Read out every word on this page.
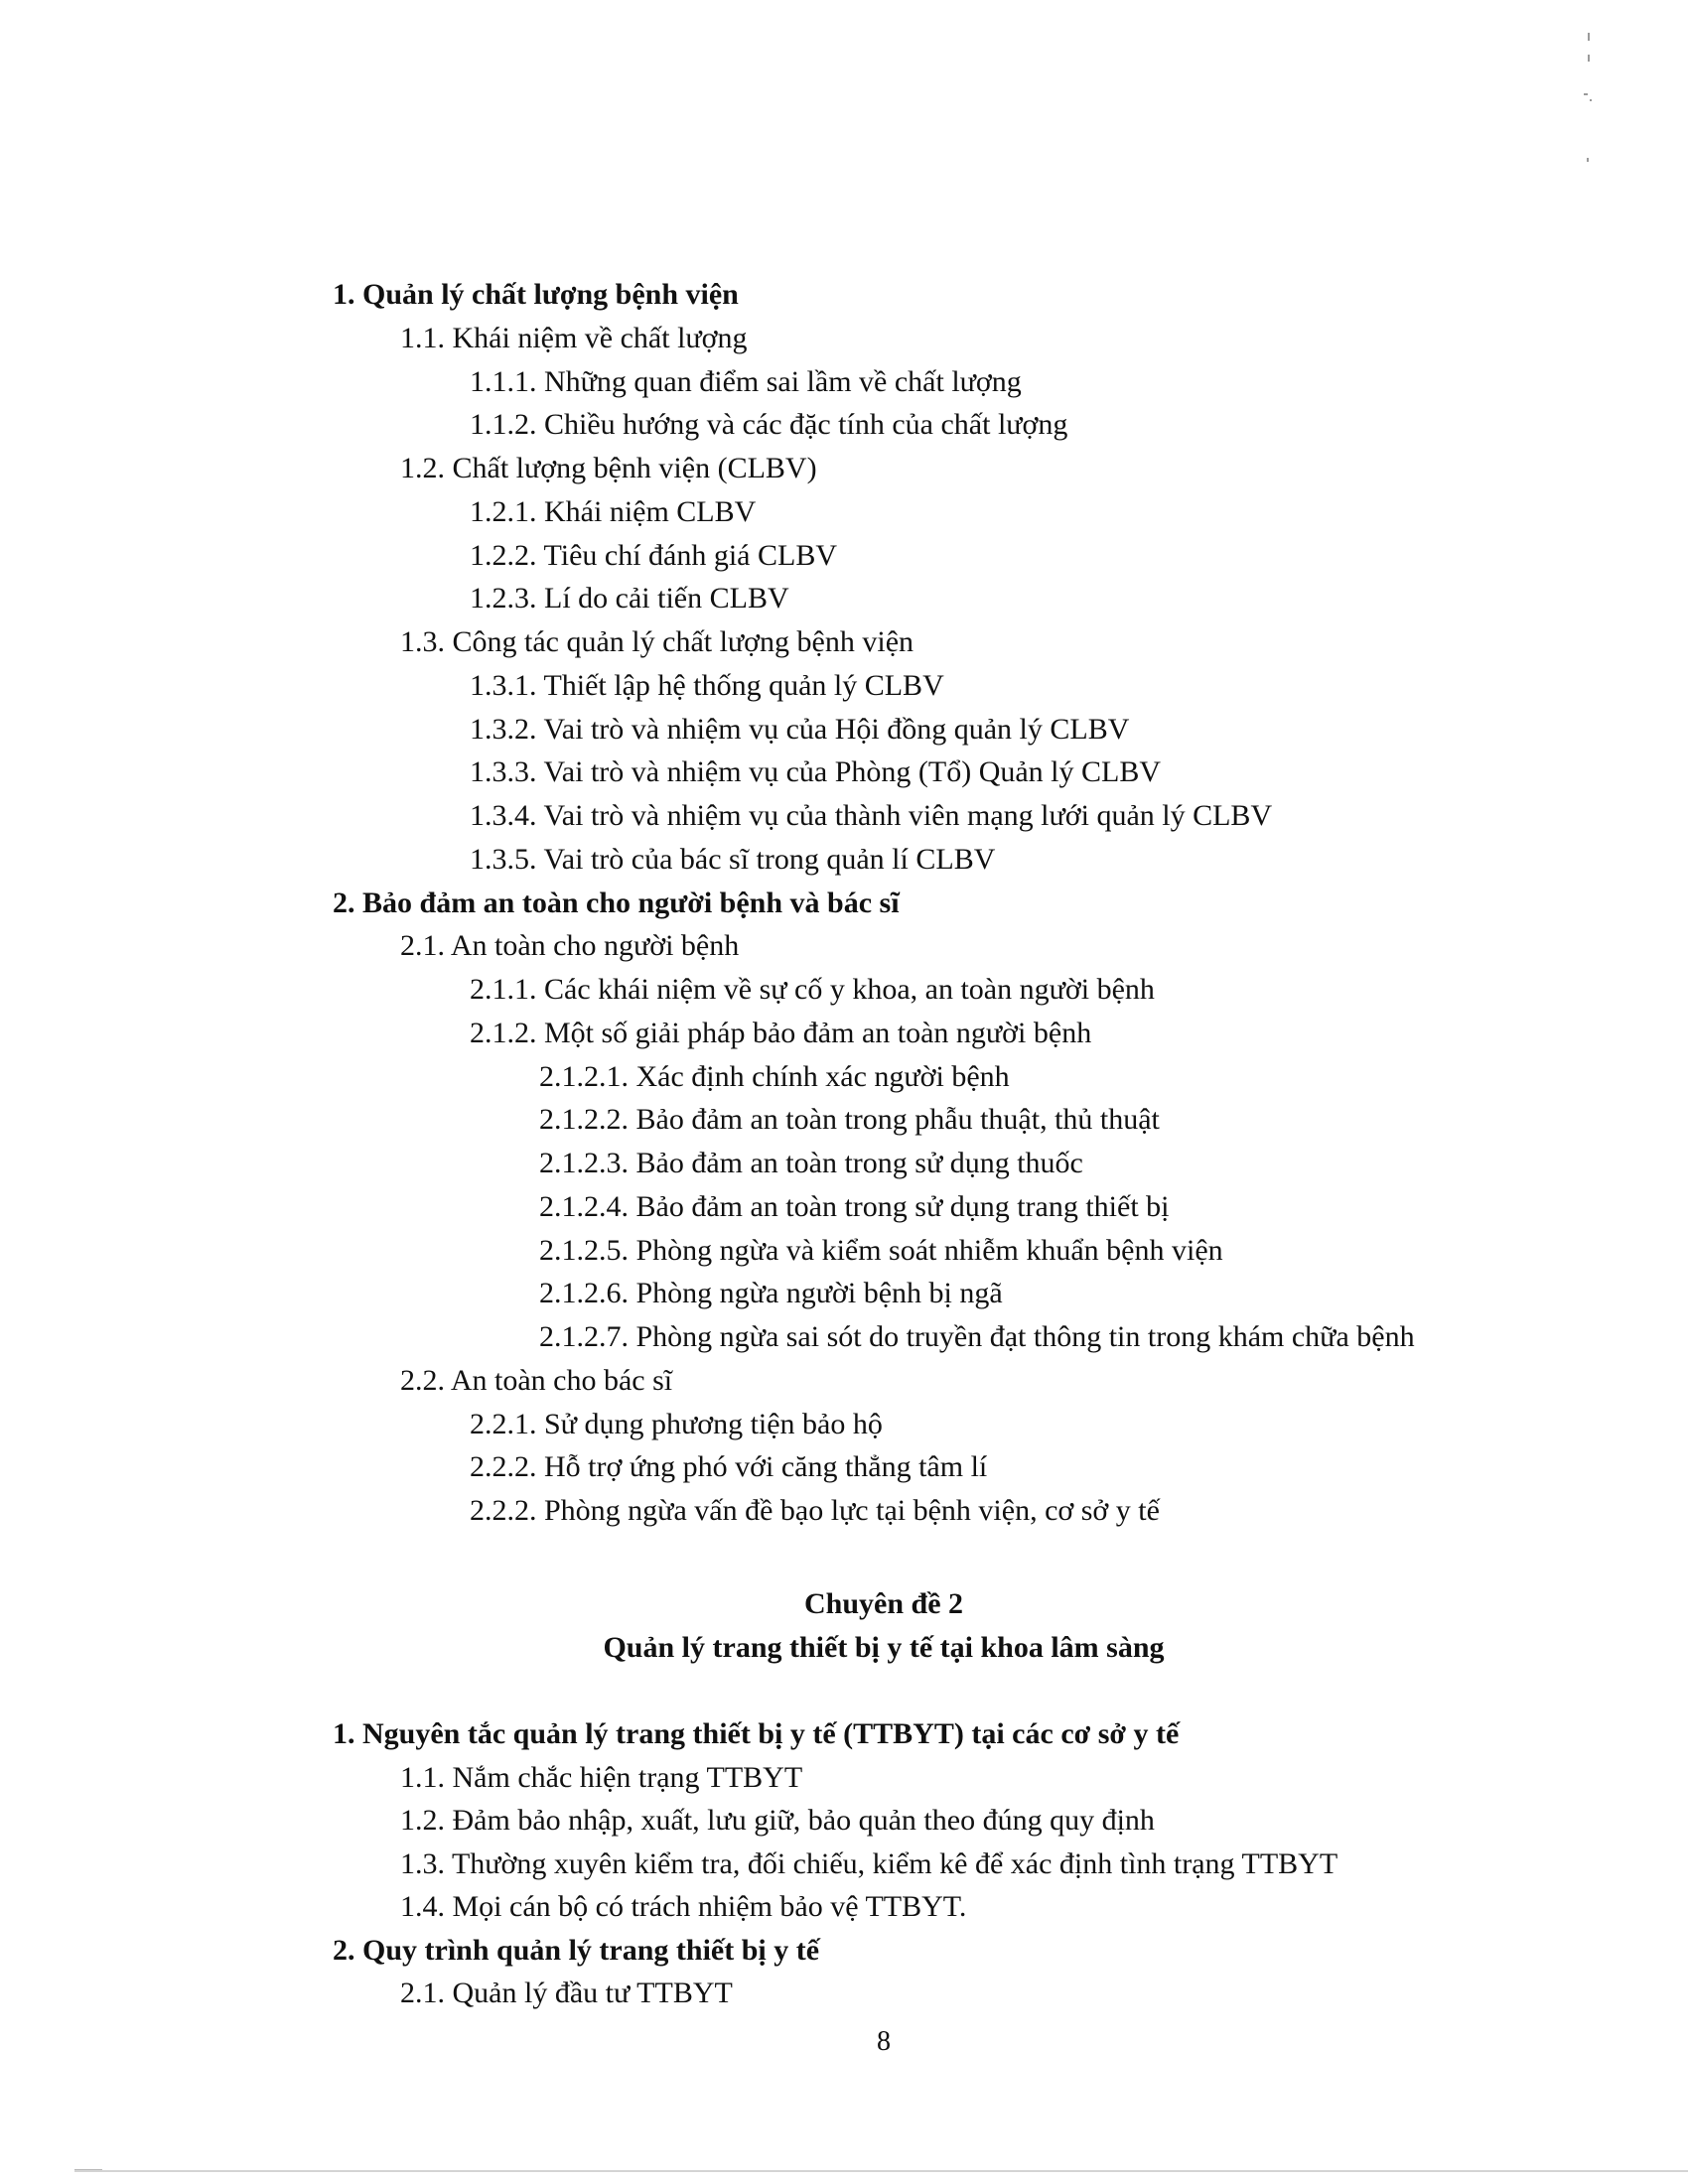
1. Quản lý chất lượng bệnh viện
1.1. Khái niệm về chất lượng
1.1.1. Những quan điểm sai lầm về chất lượng
1.1.2. Chiều hướng và các đặc tính của chất lượng
1.2. Chất lượng bệnh viện (CLBV)
1.2.1. Khái niệm CLBV
1.2.2. Tiêu chí đánh giá CLBV
1.2.3. Lí do cải tiến CLBV
1.3. Công tác quản lý chất lượng bệnh viện
1.3.1. Thiết lập hệ thống quản lý CLBV
1.3.2. Vai trò và nhiệm vụ của Hội đồng quản lý CLBV
1.3.3. Vai trò và nhiệm vụ của Phòng (Tổ) Quản lý CLBV
1.3.4. Vai trò và nhiệm vụ của thành viên mạng lưới quản lý CLBV
1.3.5. Vai trò của bác sĩ trong quản lí CLBV
2. Bảo đảm an toàn cho người bệnh và bác sĩ
2.1. An toàn cho người bệnh
2.1.1. Các khái niệm về sự cố y khoa, an toàn người bệnh
2.1.2. Một số giải pháp bảo đảm an toàn người bệnh
2.1.2.1. Xác định chính xác người bệnh
2.1.2.2. Bảo đảm an toàn trong phẫu thuật, thủ thuật
2.1.2.3. Bảo đảm an toàn trong sử dụng thuốc
2.1.2.4. Bảo đảm an toàn trong sử dụng trang thiết bị
2.1.2.5. Phòng ngừa và kiểm soát nhiễm khuẩn bệnh viện
2.1.2.6. Phòng ngừa người bệnh bị ngã
2.1.2.7. Phòng ngừa sai sót do truyền đạt thông tin trong khám chữa bệnh
2.2. An toàn cho bác sĩ
2.2.1. Sử dụng phương tiện bảo hộ
2.2.2. Hỗ trợ ứng phó với căng thẳng tâm lí
2.2.2. Phòng ngừa vấn đề bạo lực tại bệnh viện, cơ sở y tế
Chuyên đề 2
Quản lý trang thiết bị y tế tại khoa lâm sàng
1. Nguyên tắc quản lý trang thiết bị y tế (TTBYT) tại các cơ sở y tế
1.1. Nắm chắc hiện trạng TTBYT
1.2. Đảm bảo nhập, xuất, lưu giữ, bảo quản theo đúng quy định
1.3. Thường xuyên kiểm tra, đối chiếu, kiểm kê để xác định tình trạng TTBYT
1.4. Mọi cán bộ có trách nhiệm bảo vệ TTBYT.
2. Quy trình quản lý trang thiết bị y tế
2.1. Quản lý đầu tư TTBYT
8
